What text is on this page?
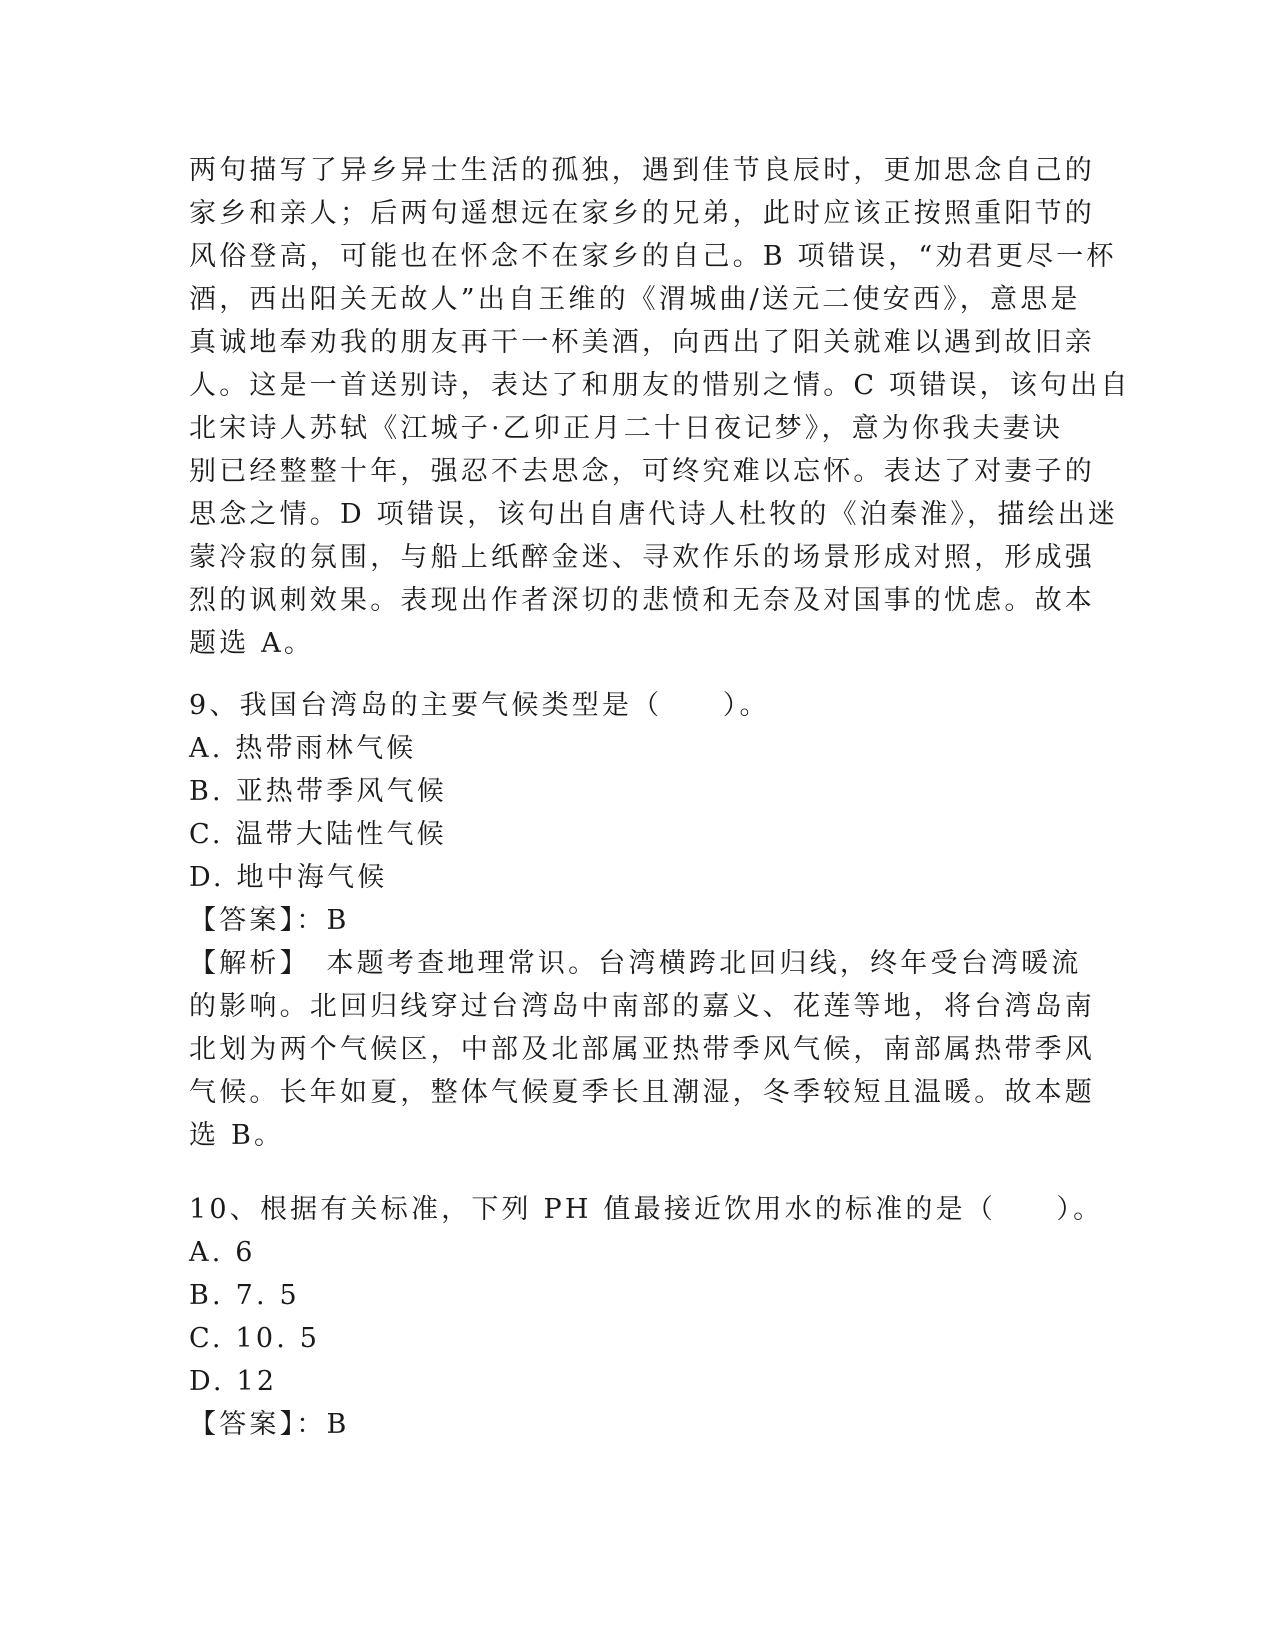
两句描写了异乡异士生活的孤独，遇到佳节良辰时，更加思念自己的
家乡和亲人；后两句遥想远在家乡的兄弟，此时应该正按照重阳节的
风俗登高，可能也在怀念不在家乡的自己。B 项错误，“劝君更尽一杯
酒，西出阳关无故人”出自王维的《渭城曲/送元二使安西》，意思是
真诚地奉劝我的朋友再干一杯美酒，向西出了阳关就难以遇到故旧亲
人。这是一首送别诗，表达了和朋友的惜别之情。C 项错误，该句出自
北宋诗人苏轼《江城子·乙卯正月二十日夜记梦》，意为你我夫妻诀
别已经整整十年，强忍不去思念，可终究难以忘怀。表达了对妻子的
思念之情。D 项错误，该句出自唐代诗人杜牧的《泊秦淮》，描绘出迷
蒙冷寂的氛围，与船上纸醉金迷、寻欢作乐的场景形成对照，形成强
烈的讽刺效果。表现出作者深切的悲愤和无奈及对国事的忧虑。故本
题选 A。
9、我国台湾岛的主要气候类型是（　　）。
A. 热带雨林气候
B. 亚热带季风气候
C. 温带大陆性气候
D. 地中海气候
【答案】：B
【解析】　本题考查地理常识。台湾横跨北回归线，终年受台湾暖流
的影响。北回归线穿过台湾岛中南部的嘉义、花莲等地，将台湾岛南
北划为两个气候区，中部及北部属亚热带季风气候，南部属热带季风
气候。长年如夏，整体气候夏季长且潮湿，冬季较短且温暖。故本题
选 B。
10、根据有关标准，下列 PH 值最接近饮用水的标准的是（　　）。
A. 6
B. 7. 5
C. 10. 5
D. 12
【答案】：B
